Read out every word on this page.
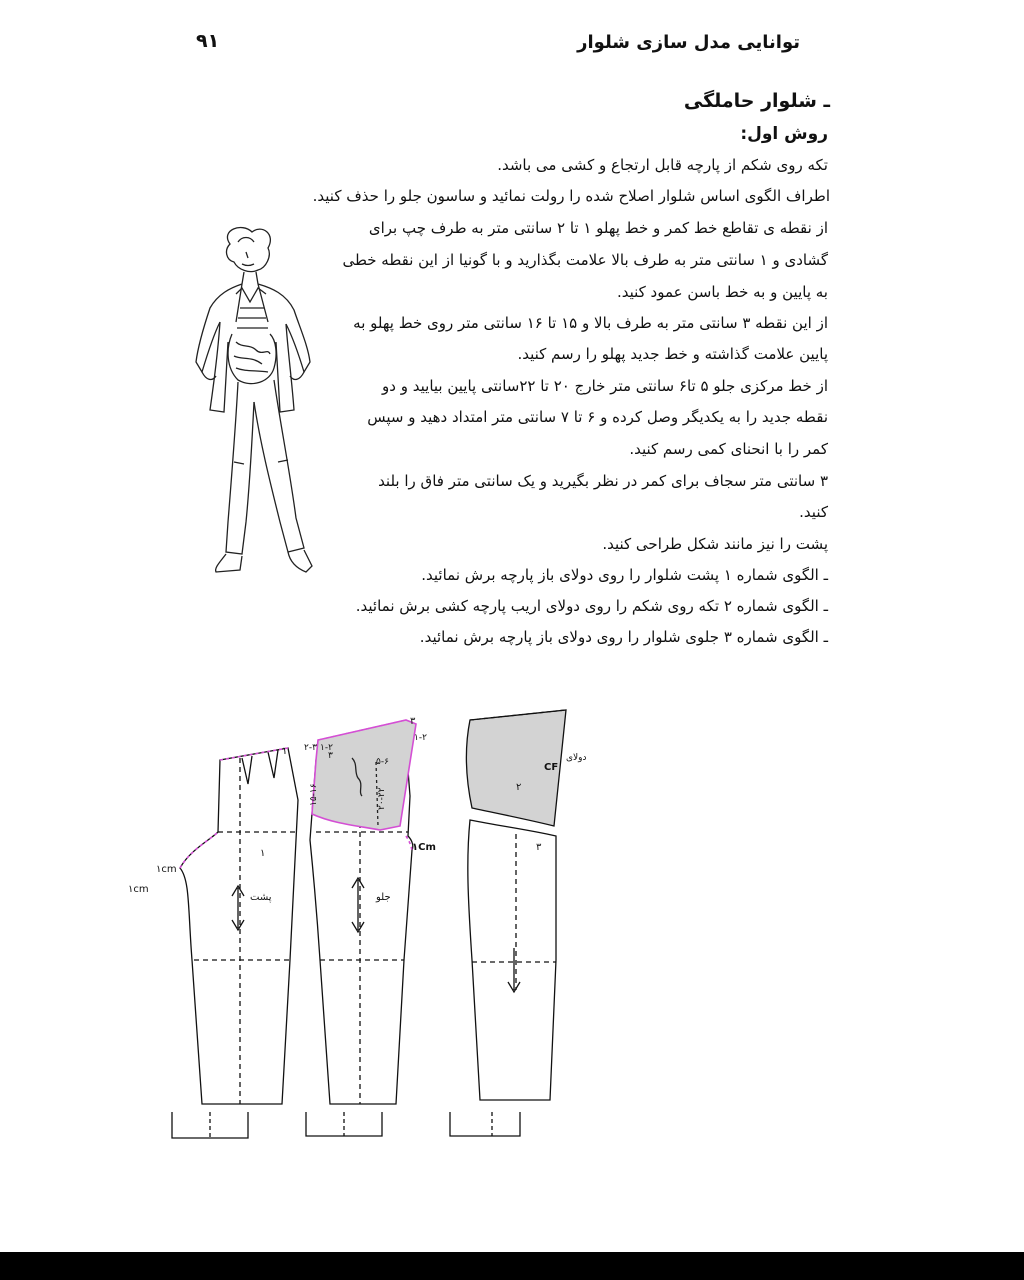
۹۱	توانایی مدل سازی شلوار
ـ شلوار حاملگی
روش اول:
تکه روی شکم از پارچه قابل ارتجاع و کشی می باشد.
اطراف الگوی اساس شلوار اصلاح شده را رولت نمائید و ساسون جلو را حذف کنید.
از نقطه ی تقاطع خط کمر و خط پهلو ۱ تا ۲ سانتی متر به طرف چپ برای
گشادی و ۱ سانتی متر به طرف بالا علامت بگذارید و با گونیا از این نقطه خطی
به پایین و به خط باسن عمود کنید.
از این نقطه ۳ سانتی متر به طرف بالا و ۱۵ تا ۱۶ سانتی متر روی خط پهلو به
پایین علامت گذاشته و خط جدید پهلو را رسم کنید.
از خط مرکزی جلو ۵ تا۶ سانتی متر خارج ۲۰ تا ۲۲سانتی پایین بیایید و دو
نقطه جدید را به یکدیگر وصل کرده و ۶ تا ۷ سانتی متر امتداد دهید و سپس
کمر را با انحنای کمی رسم کنید.
۳ سانتی متر سجاف برای کمر در نظر بگیرید و یک سانتی متر فاق را بلند
کنید.
پشت را نیز مانند شکل طراحی کنید.
ـ الگوی شماره ۱ پشت شلوار را روی دولای باز پارچه برش نمائید.
ـ الگوی شماره ۲ تکه روی شکم را روی دولای اریب پارچه کشی برش نمائید.
ـ الگوی شماره ۳ جلوی شلوار را روی دولای باز پارچه برش نمائید.
۱
پشت	جلو
۲
۳
CF
دولای
۱cm
۱cm
۱Cm
۱ ۲-۳
۳
۱-۲
۱-۲
۱۵-۱۶
۵-۶
۲۰-۲۲
۳
